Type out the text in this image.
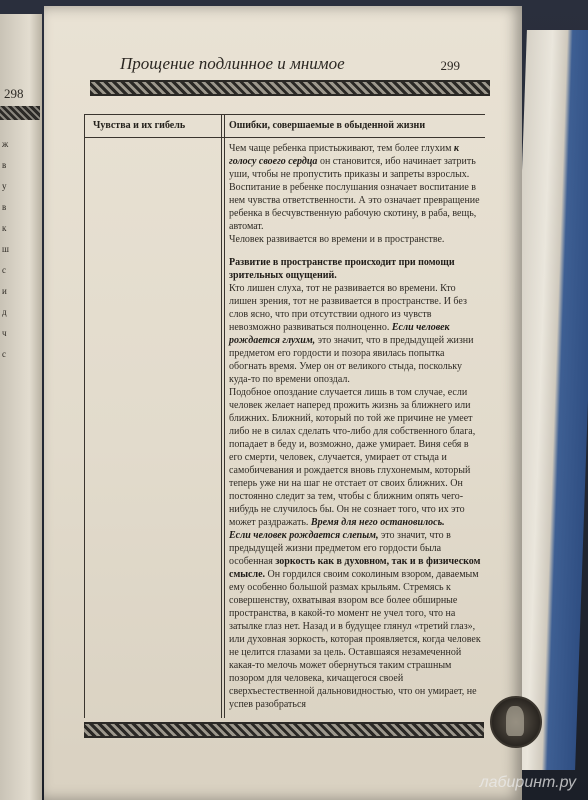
298
ж
в
у
в
к
ш
с
и
д
ч
с
Прощение подлинное и мнимое	299
Чувства и их гибель	Ошибки, совершаемые в обыденной жизни

Чем чаще ребенка пристыживают, тем более глухим к голосу своего сердца он становится, ибо начинает затрить уши, чтобы не пропустить приказы и запреты взрослых. Воспитание в ребенке послушания означает воспитание в нем чувства ответственности. А это означает превращение ребенка в бесчувственную рабочую скотину, в раба, вещь, автомат.

Человек развивается во времени и в пространстве.

Развитие в пространстве происходит при помощи зрительных ощущений.

Кто лишен слуха, тот не развивается во времени. Кто лишен зрения, тот не развивается в пространстве. И без слов ясно, что при отсутствии одного из чувств невозможно развиваться полноценно. Если человек рождается глухим, это значит, что в предыдущей жизни предметом его гордости и позора явилась попытка обогнать время. Умер он от великого стыда, поскольку куда-то по времени опоздал.

Подобное опоздание случается лишь в том случае, если человек желает наперед прожить жизнь за ближнего или ближних. Ближний, который по той же причине не умеет либо не в силах сделать что-либо для собственного блага, попадает в беду и, возможно, даже умирает. Виня себя в его смерти, человек, случается, умирает от стыда и самобичевания и рождается вновь глухонемым, который теперь уже ни на шаг не отстает от своих ближних. Он постоянно следит за тем, чтобы с ближним опять чего-нибудь не случилось бы. Он не сознает того, что их это может раздражать. Время для него остановилось.

Если человек рождается слепым, это значит, что в предыдущей жизни предметом его гордости была особенная зоркость как в духовном, так и в физическом смысле. Он гордился своим соколиным взором, даваемым ему особенно большой размах крыльям. Стремясь к совершенству, охватывая взором все более обширные пространства, в какой-то момент не учел того, что на затылке глаз нет. Назад и в будущее глянул «третий глаз», или духовная зоркость, которая проявляется, когда человек не целится глазами за цель. Оставшаяся незамеченной какая-то мелочь может обернуться таким страшным позором для человека, кичащегося своей сверхъестественной дальновидностью, что он умирает, не успев разобраться

лабиринт.ру
